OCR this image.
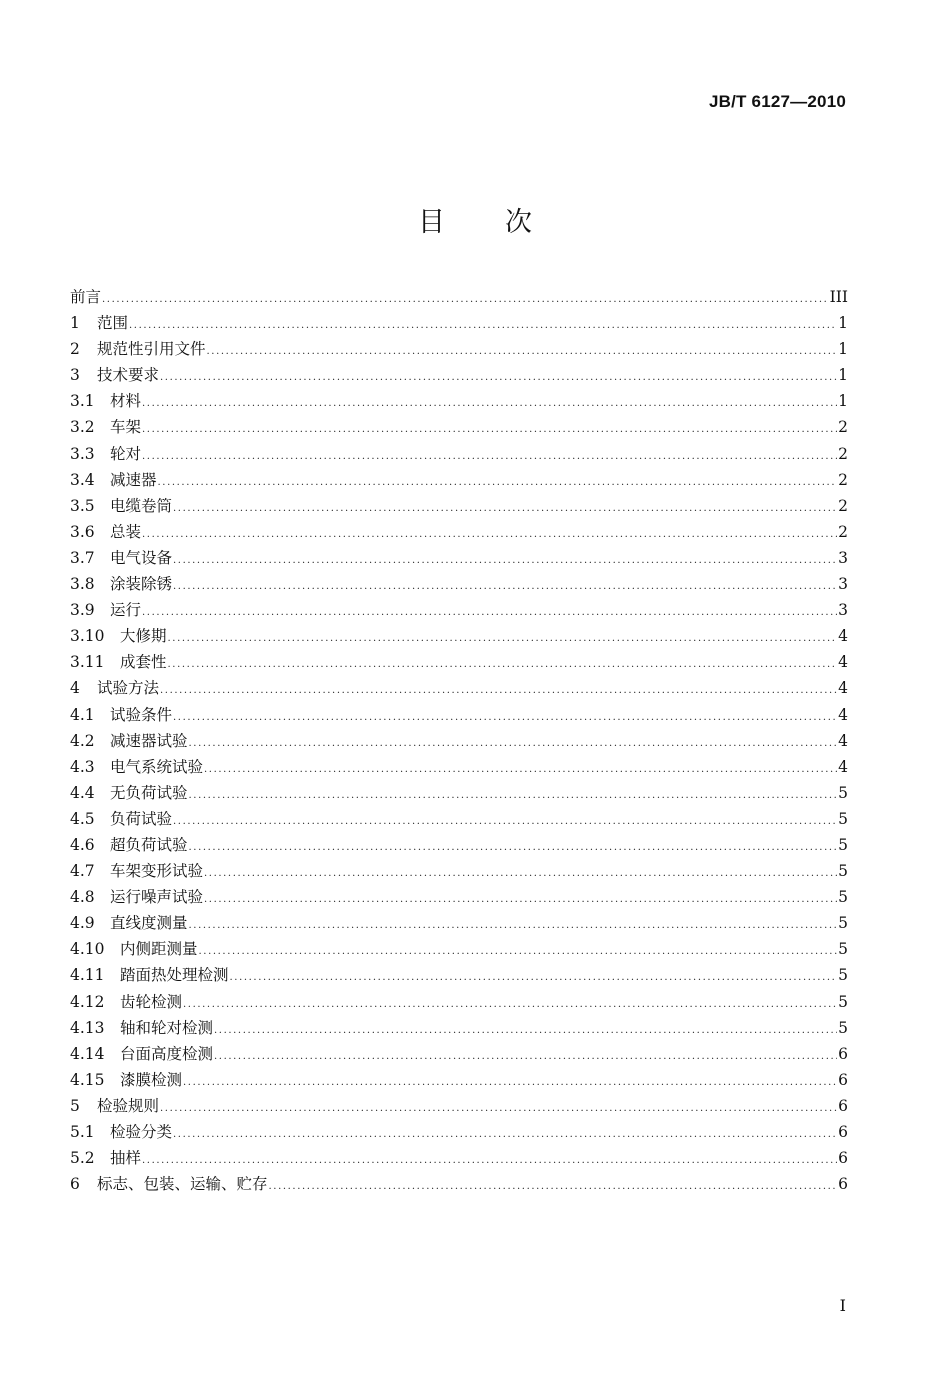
JB/T 6127—2010
目 次
前言 .....	III
1	范围 .....	1
2	规范性引用文件 .....	1
3	技术要求 .....	1
3.1 材料 .....	1
3.2 车架 .....	2
3.3 轮对 .....	2
3.4 减速器 .....	2
3.5 电缆卷筒 .....	2
3.6 总装 .....	2
3.7 电气设备 .....	3
3.8 涂装除锈 .....	3
3.9 运行 .....	3
3.10 大修期 .....	4
3.11 成套性 .....	4
4	试验方法 .....	4
4.1 试验条件 .....	4
4.2 减速器试验 .....	4
4.3 电气系统试验 .....	4
4.4 无负荷试验 .....	5
4.5 负荷试验 .....	5
4.6 超负荷试验 .....	5
4.7 车架变形试验 .....	5
4.8 运行噪声试验 .....	5
4.9 直线度测量 .....	5
4.10 内侧距测量 .....	5
4.11 踏面热处理检测 .....	5
4.12 齿轮检测 .....	5
4.13 轴和轮对检测 .....	5
4.14 台面高度检测 .....	6
4.15 漆膜检测 .....	6
5	检验规则 .....	6
5.1 检验分类 .....	6
5.2 抽样 .....	6
6	标志、包装、运输、贮存 .....	6
I
